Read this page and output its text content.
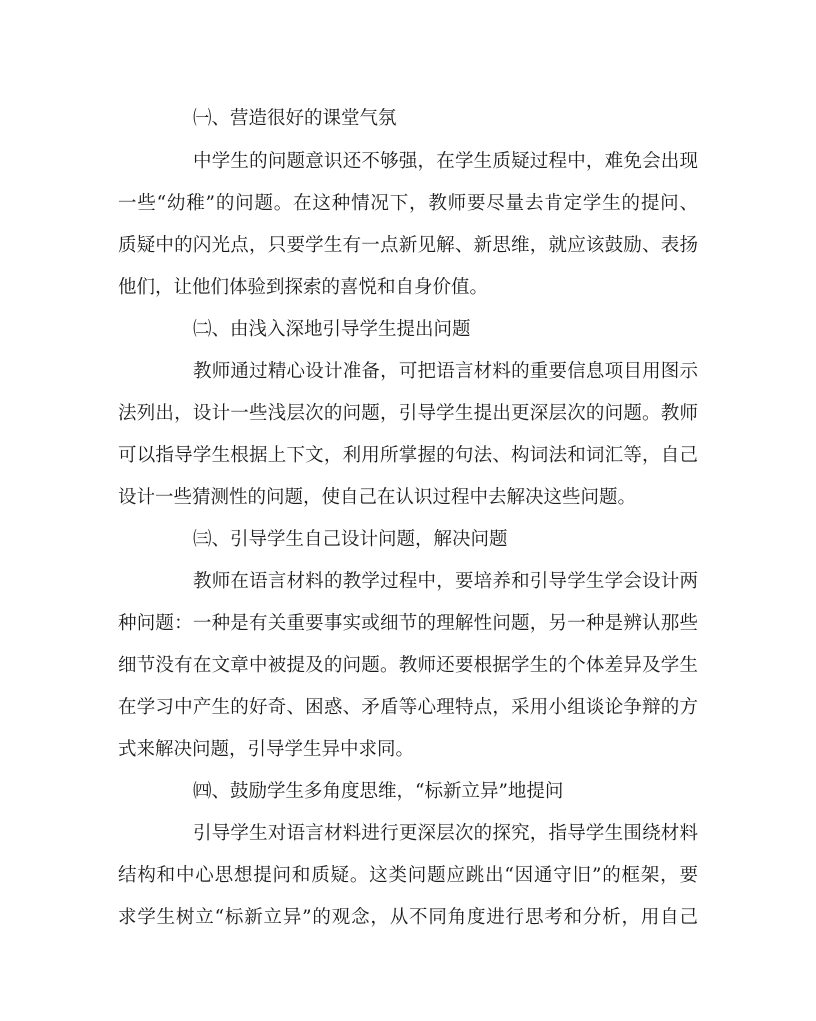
㈠、营造很好的课堂气氛

中学生的问题意识还不够强，在学生质疑过程中，难免会出现

一些“幼稚”的问题。在这种情况下，教师要尽量去肯定学生的提问、

质疑中的闪光点，只要学生有一点新见解、新思维，就应该鼓励、表扬

他们，让他们体验到探索的喜悦和自身价值。

㈡、由浅入深地引导学生提出问题

教师通过精心设计准备，可把语言材料的重要信息项目用图示

法列出，设计一些浅层次的问题，引导学生提出更深层次的问题。教师

可以指导学生根据上下文，利用所掌握的句法、构词法和词汇等，自己

设计一些猜测性的问题，使自己在认识过程中去解决这些问题。

㈢、引导学生自己设计问题，解决问题

教师在语言材料的教学过程中，要培养和引导学生学会设计两

种问题：一种是有关重要事实或细节的理解性问题，另一种是辨认那些

细节没有在文章中被提及的问题。教师还要根据学生的个体差异及学生

在学习中产生的好奇、困惑、矛盾等心理特点，采用小组谈论争辩的方

式来解决问题，引导学生异中求同。

㈣、鼓励学生多角度思维，“标新立异”地提问

引导学生对语言材料进行更深层次的探究，指导学生围绕材料

结构和中心思想提问和质疑。这类问题应跳出“因通守旧”的框架，要

求学生树立“标新立异”的观念，从不同角度进行思考和分析，用自己
